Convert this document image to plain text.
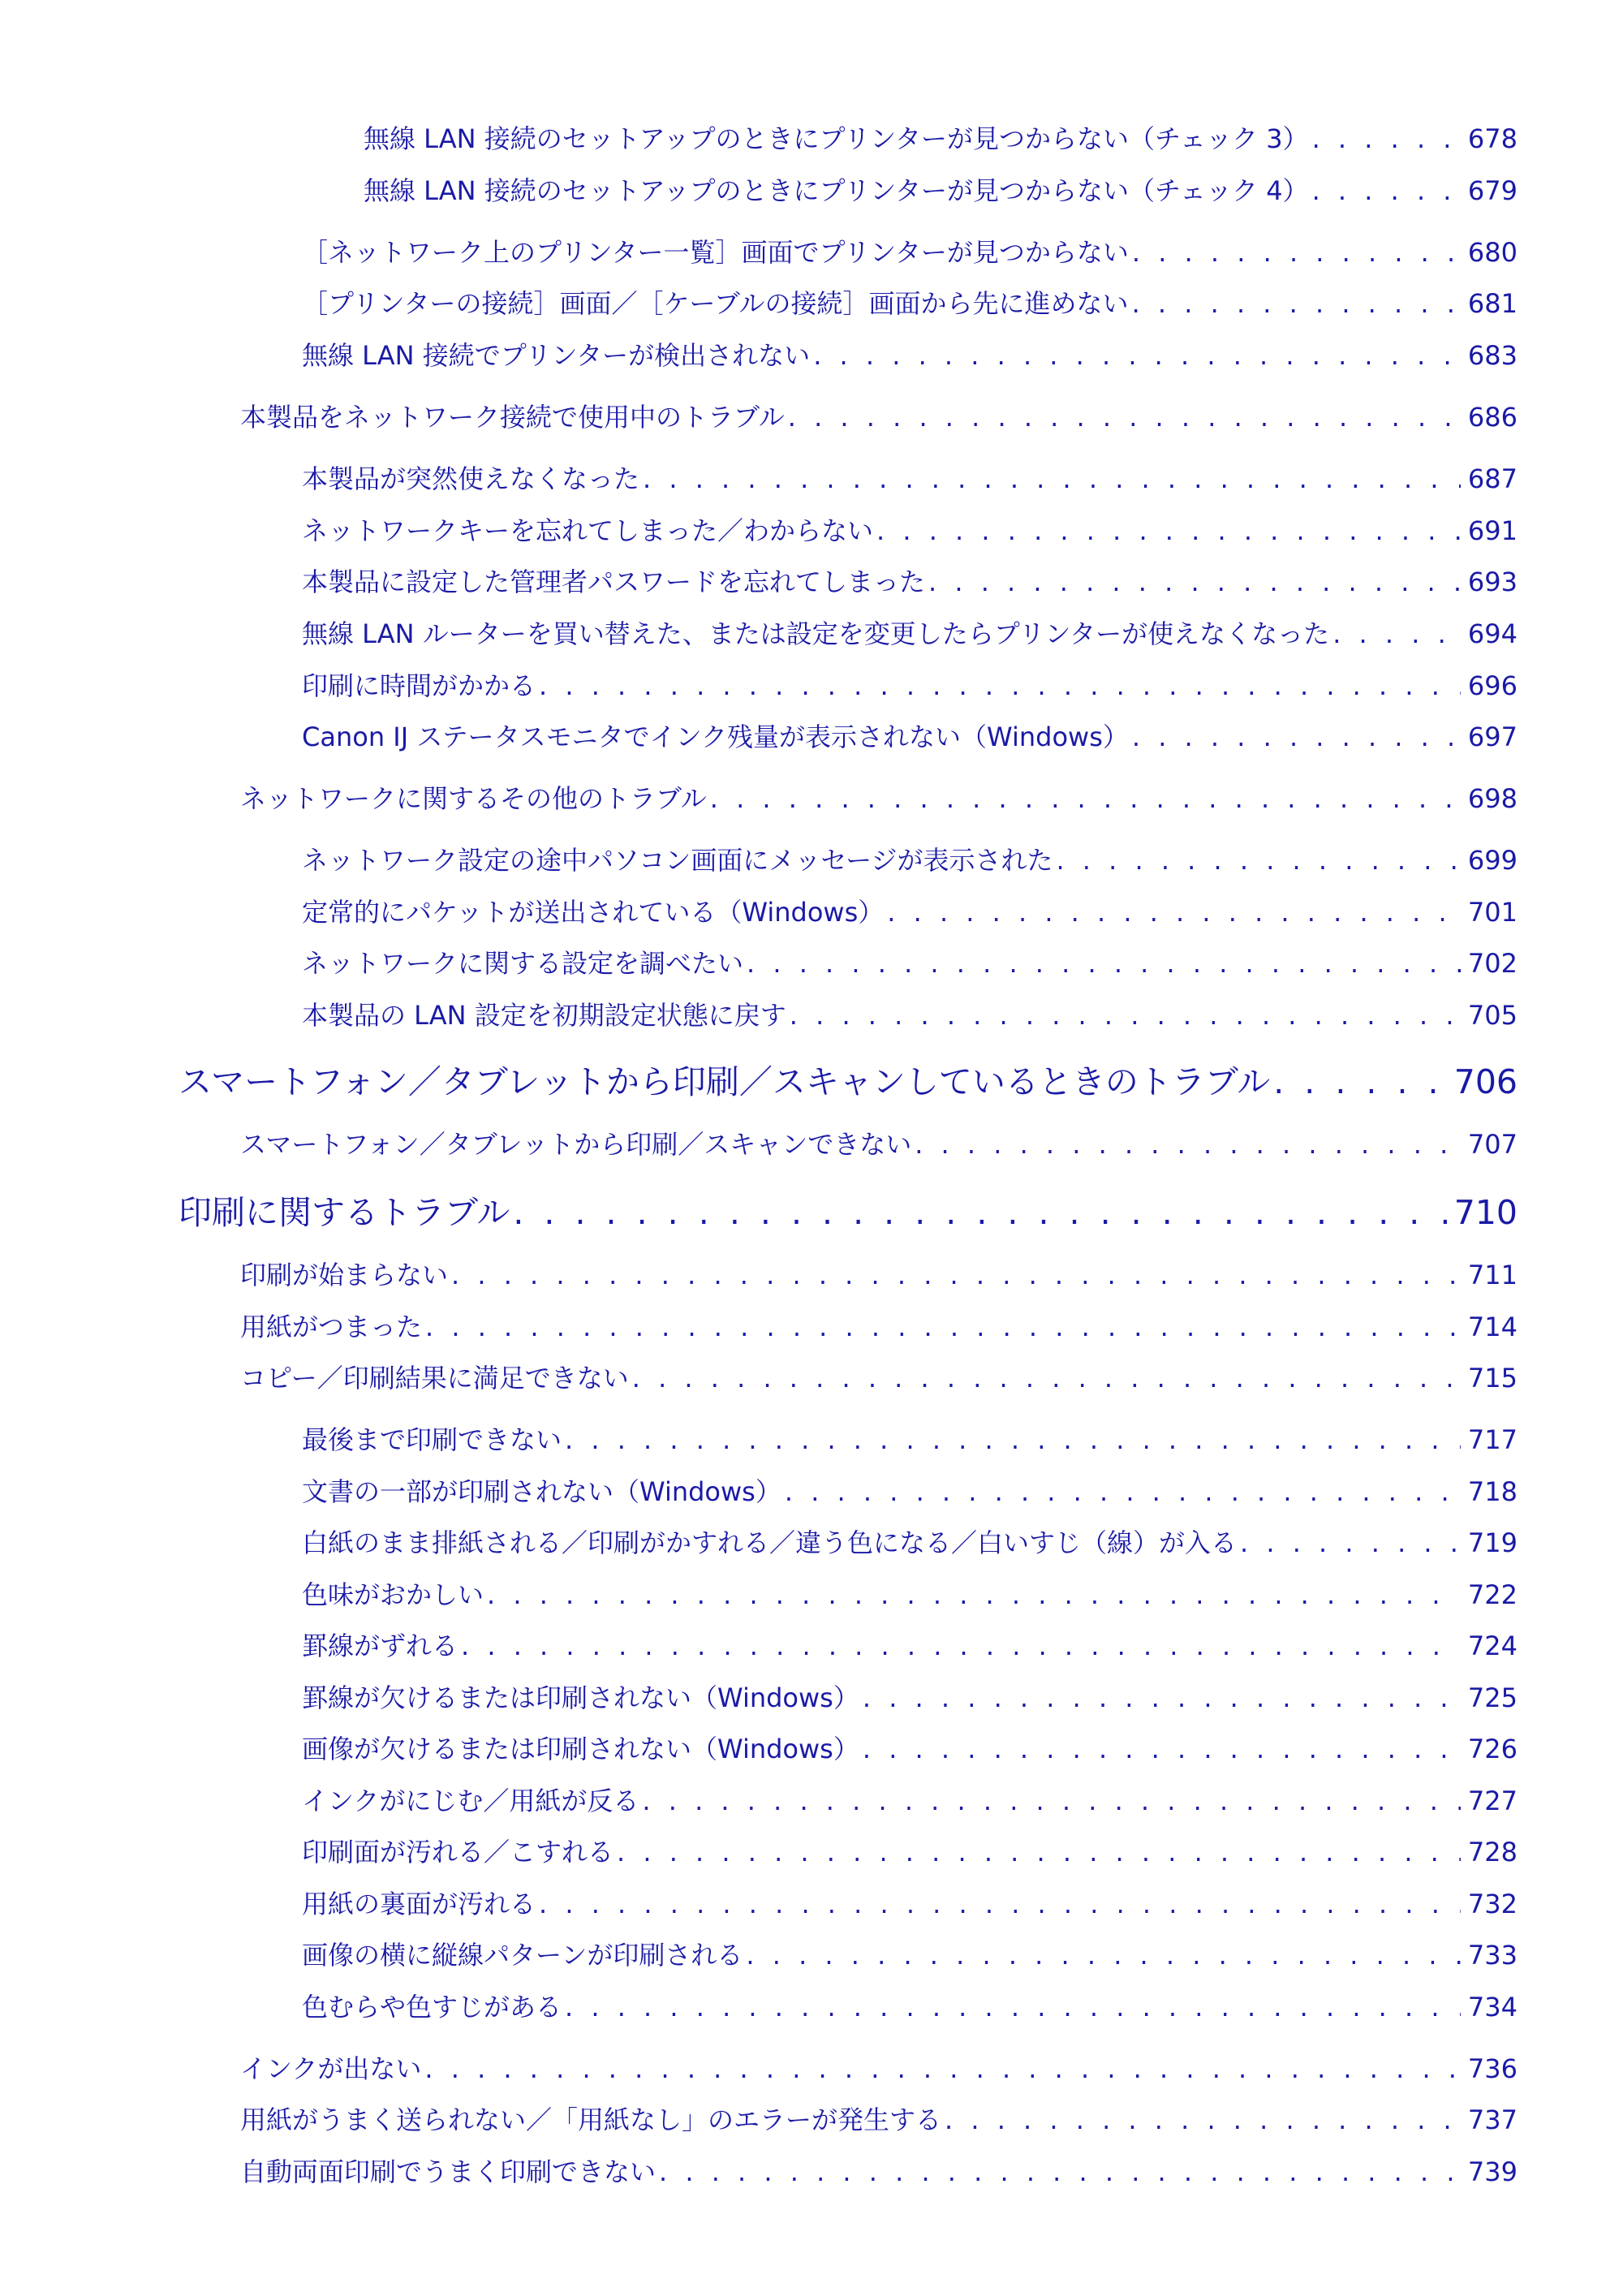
無線 LAN 接続のセットアップのときにプリンターが見つからない（チェック 3） . . .	678
無線 LAN 接続のセットアップのときにプリンターが見つからない（チェック 4） . . .	679
［ネットワーク上のプリンター一覧］画面でプリンターが見つからない . . .	680
［プリンターの接続］画面／［ケーブルの接続］画面から先に進めない . . .	681
無線 LAN 接続でプリンターが検出されない . . .	683
本製品をネットワーク接続で使用中のトラブル . . .	686
本製品が突然使えなくなった . . .	687
ネットワークキーを忘れてしまった／わからない . . .	691
本製品に設定した管理者パスワードを忘れてしまった . . .	693
無線 LAN ルーターを買い替えた、または設定を変更したらプリンターが使えなくなった . . .	694
印刷に時間がかかる . . .	696
Canon IJ ステータスモニタでインク残量が表示されない（Windows） . . .	697
ネットワークに関するその他のトラブル . . .	698
ネットワーク設定の途中パソコン画面にメッセージが表示された . . .	699
定常的にパケットが送出されている（Windows） . . .	701
ネットワークに関する設定を調べたい . . .	702
本製品の LAN 設定を初期設定状態に戻す . . .	705
スマートフォン／タブレットから印刷／スキャンしているときのトラブル . . .	706
スマートフォン／タブレットから印刷／スキャンできない . . .	707
印刷に関するトラブル . . .	710
印刷が始まらない . . .	711
用紙がつまった . . .	714
コピー／印刷結果に満足できない . . .	715
最後まで印刷できない . . .	717
文書の一部が印刷されない（Windows） . . .	718
白紙のまま排紙される／印刷がかすれる／違う色になる／白いすじ（線）が入る . . .	719
色味がおかしい . . .	722
罫線がずれる . . .	724
罫線が欠けるまたは印刷されない（Windows） . . .	725
画像が欠けるまたは印刷されない（Windows） . . .	726
インクがにじむ／用紙が反る . . .	727
印刷面が汚れる／こすれる . . .	728
用紙の裏面が汚れる . . .	732
画像の横に縦線パターンが印刷される . . .	733
色むらや色すじがある . . .	734
インクが出ない . . .	736
用紙がうまく送られない／「用紙なし」のエラーが発生する . . .	737
自動両面印刷でうまく印刷できない . . .	739
